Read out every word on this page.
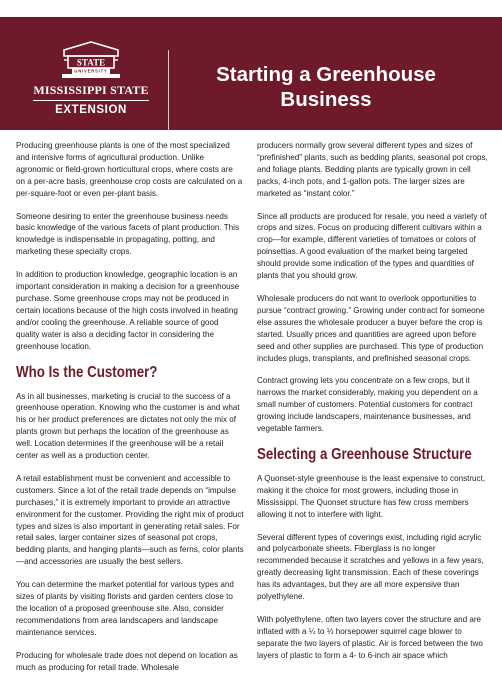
STATE
UNIVERSITY
MISSISSIPPI STATE
EXTENSION
Starting a Greenhouse
Business

Producing greenhouse plants is one of the most specialized and intensive forms of agricultural production. Unlike agronomic or field-grown horticultural crops, where costs are on a per-acre basis, greenhouse crop costs are calculated on a per-square-foot or even per-plant basis.

Someone desiring to enter the greenhouse business needs basic knowledge of the various facets of plant production. This knowledge is indispensable in propagating, potting, and marketing these specialty crops.

In addition to production knowledge, geographic location is an important consideration in making a decision for a greenhouse purchase. Some greenhouse crops may not be produced in certain locations because of the high costs involved in heating and/or cooling the greenhouse. A reliable source of good quality water is also a deciding factor in considering the greenhouse location.

Who Is the Customer?

As in all businesses, marketing is crucial to the success of a greenhouse operation. Knowing who the customer is and what his or her product preferences are dictates not only the mix of plants grown but perhaps the location of the greenhouse as well. Location determines if the greenhouse will be a retail center as well as a production center.

A retail establishment must be convenient and accessible to customers. Since a lot of the retail trade depends on “impulse purchases,” it is extremely important to provide an attractive environment for the customer. Providing the right mix of product types and sizes is also important in generating retail sales. For retail sales, larger container sizes of seasonal pot crops, bedding plants, and hanging plants—such as ferns, color plants—and accessories are usually the best sellers.

You can determine the market potential for various types and sizes of plants by visiting florists and garden centers close to the location of a proposed greenhouse site. Also, consider recommendations from area landscapers and landscape maintenance services.

Producing for wholesale trade does not depend on location as much as producing for retail trade. Wholesale

producers normally grow several different types and sizes of “prefinished” plants, such as bedding plants, seasonal pot crops, and foliage plants. Bedding plants are typically grown in cell packs, 4-inch pots, and 1-gallon pots. The larger sizes are marketed as “instant color.”

Since all products are produced for resale, you need a variety of crops and sizes. Focus on producing different cultivars within a crop—for example, different varieties of tomatoes or colors of poinsettias. A good evaluation of the market being targeted should provide some indication of the types and quantities of plants that you should grow.

Wholesale producers do not want to overlook opportunities to pursue “contract growing.” Growing under contract for someone else assures the wholesale producer a buyer before the crop is started. Usually prices and quantities are agreed upon before seed and other supplies are purchased. This type of production includes plugs, transplants, and prefinished seasonal crops.

Contract growing lets you concentrate on a few crops, but it narrows the market considerably, making you dependent on a small number of customers. Potential customers for contract growing include landscapers, maintenance businesses, and vegetable farmers.

Selecting a Greenhouse Structure

A Quonset-style greenhouse is the least expensive to construct, making it the choice for most growers, including those in Mississippi. The Quonset structure has few cross members allowing it not to interfere with light.

Several different types of coverings exist, including rigid acrylic and polycarbonate sheets. Fiberglass is no longer recommended because it scratches and yellows in a few years, greatly decreasing light transmission. Each of these coverings has its advantages, but they are all more expensive than polyethylene.

With polyethylene, often two layers cover the structure and are inflated with a ¼ to ⅓ horsepower squirrel cage blower to separate the two layers of plastic. Air is forced between the two layers of plastic to form a 4- to 6-inch air space which
